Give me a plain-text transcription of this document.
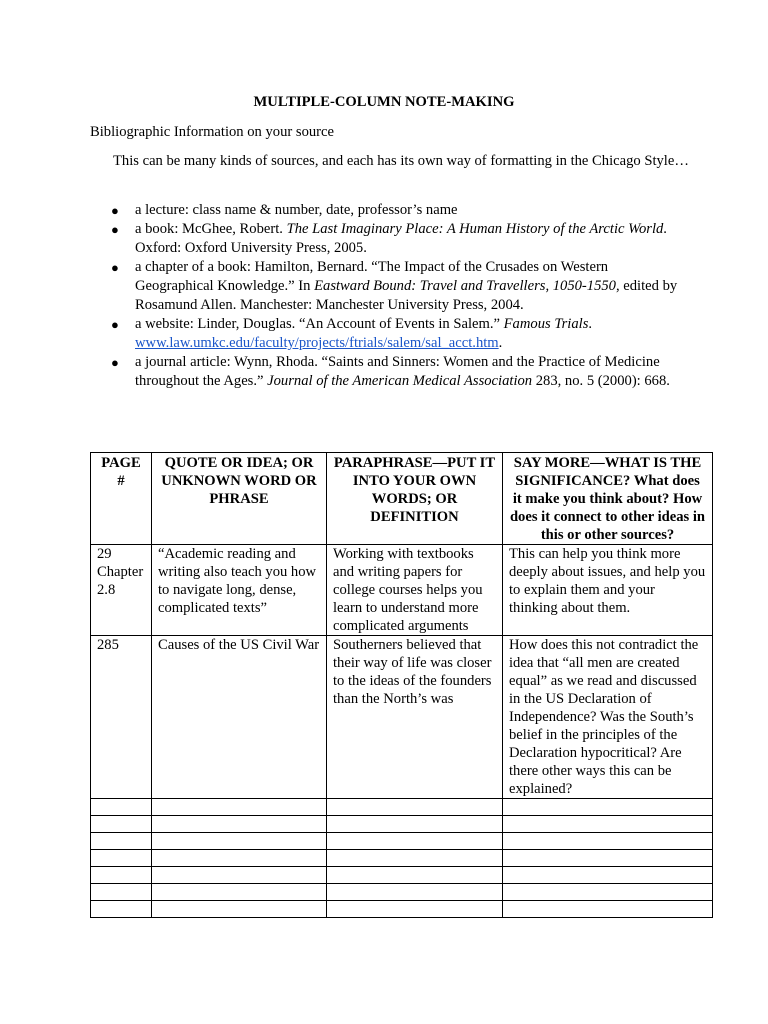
MULTIPLE-COLUMN NOTE-MAKING

Bibliographic Information on your source

This can be many kinds of sources, and each has its own way of formatting in the Chicago Style…

● a lecture: class name & number, date, professor’s name
● a book: McGhee, Robert. The Last Imaginary Place: A Human History of the Arctic World. Oxford: Oxford University Press, 2005.
● a chapter of a book: Hamilton, Bernard. “The Impact of the Crusades on Western Geographical Knowledge.” In Eastward Bound: Travel and Travellers, 1050-1550, edited by Rosamund Allen. Manchester: Manchester University Press, 2004.
● a website: Linder, Douglas. “An Account of Events in Salem.” Famous Trials. www.law.umkc.edu/faculty/projects/ftrials/salem/sal_acct.htm.
● a journal article: Wynn, Rhoda. “Saints and Sinners: Women and the Practice of Medicine throughout the Ages.” Journal of the American Medical Association 283, no. 5 (2000): 668.
PAGE #	QUOTE OR IDEA; OR UNKNOWN WORD OR PHRASE	PARAPHRASE—PUT IT INTO YOUR OWN WORDS; OR DEFINITION	SAY MORE—WHAT IS THE SIGNIFICANCE? What does it make you think about? How does it connect to other ideas in this or other sources?
29 Chapter 2.8	“Academic reading and writing also teach you how to navigate long, dense, complicated texts”	Working with textbooks and writing papers for college courses helps you learn to understand more complicated arguments	This can help you think more deeply about issues, and help you to explain them and your thinking about them.
285	Causes of the US Civil War	Southerners believed that their way of life was closer to the ideas of the founders than the North’s was	How does this not contradict the idea that “all men are created equal” as we read and discussed in the US Declaration of Independence? Was the South’s belief in the principles of the Declaration hypocritical? Are there other ways this can be explained?
